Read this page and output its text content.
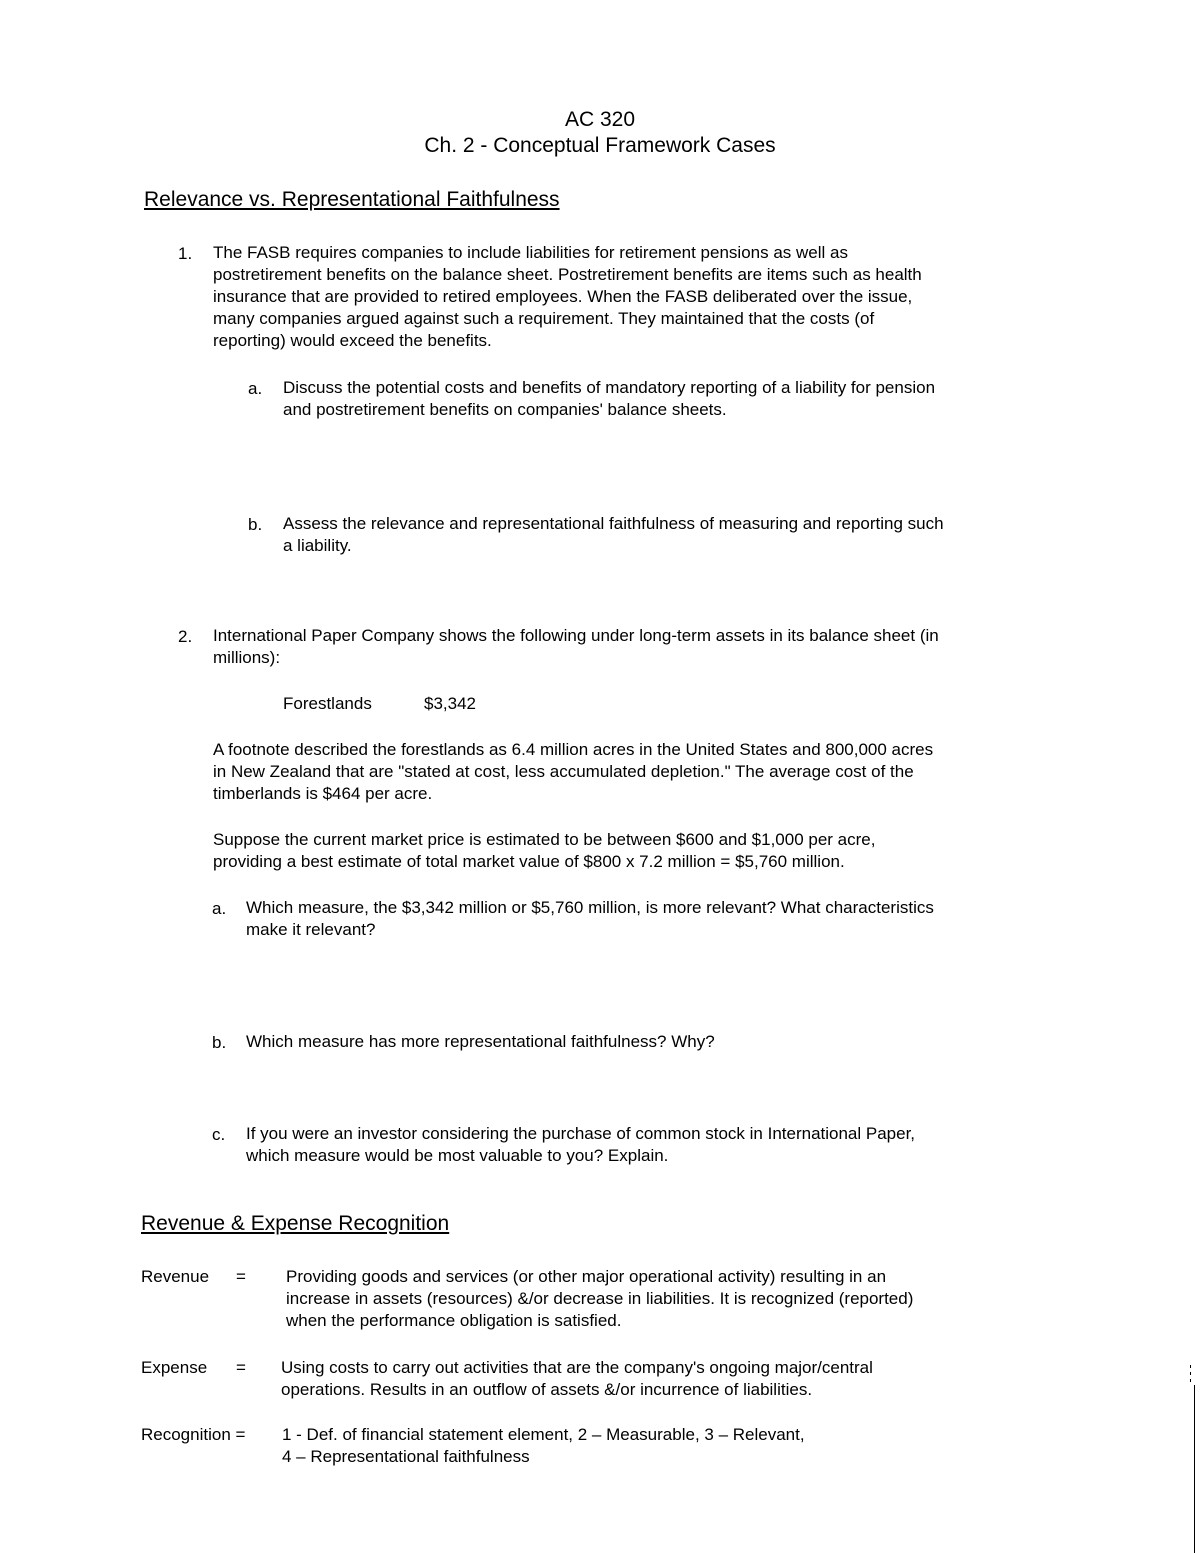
AC 320
Ch. 2 - Conceptual Framework Cases
Relevance vs. Representational Faithfulness
1. The FASB requires companies to include liabilities for retirement pensions as well as
postretirement benefits on the balance sheet. Postretirement benefits are items such as health
insurance that are provided to retired employees. When the FASB deliberated over the issue,
many companies argued against such a requirement. They maintained that the costs (of
reporting) would exceed the benefits.
a. Discuss the potential costs and benefits of mandatory reporting of a liability for pension
and postretirement benefits on companies' balance sheets.
b. Assess the relevance and representational faithfulness of measuring and reporting such
a liability.
2. International Paper Company shows the following under long-term assets in its balance sheet (in
millions):
Forestlands	$3,342
A footnote described the forestlands as 6.4 million acres in the United States and 800,000 acres
in New Zealand that are "stated at cost, less accumulated depletion." The average cost of the
timberlands is $464 per acre.
Suppose the current market price is estimated to be between $600 and $1,000 per acre,
providing a best estimate of total market value of $800 x 7.2 million = $5,760 million.
a. Which measure, the $3,342 million or $5,760 million, is more relevant? What characteristics
make it relevant?
b. Which measure has more representational faithfulness? Why?
c. If you were an investor considering the purchase of common stock in International Paper,
which measure would be most valuable to you? Explain.
Revenue & Expense Recognition
Revenue = Providing goods and services (or other major operational activity) resulting in an
increase in assets (resources) &/or decrease in liabilities. It is recognized (reported)
when the performance obligation is satisfied.
Expense = Using costs to carry out activities that are the company's ongoing major/central
operations. Results in an outflow of assets &/or incurrence of liabilities.
Recognition = 1 - Def. of financial statement element, 2 – Measurable, 3 – Relevant,
4 – Representational faithfulness
